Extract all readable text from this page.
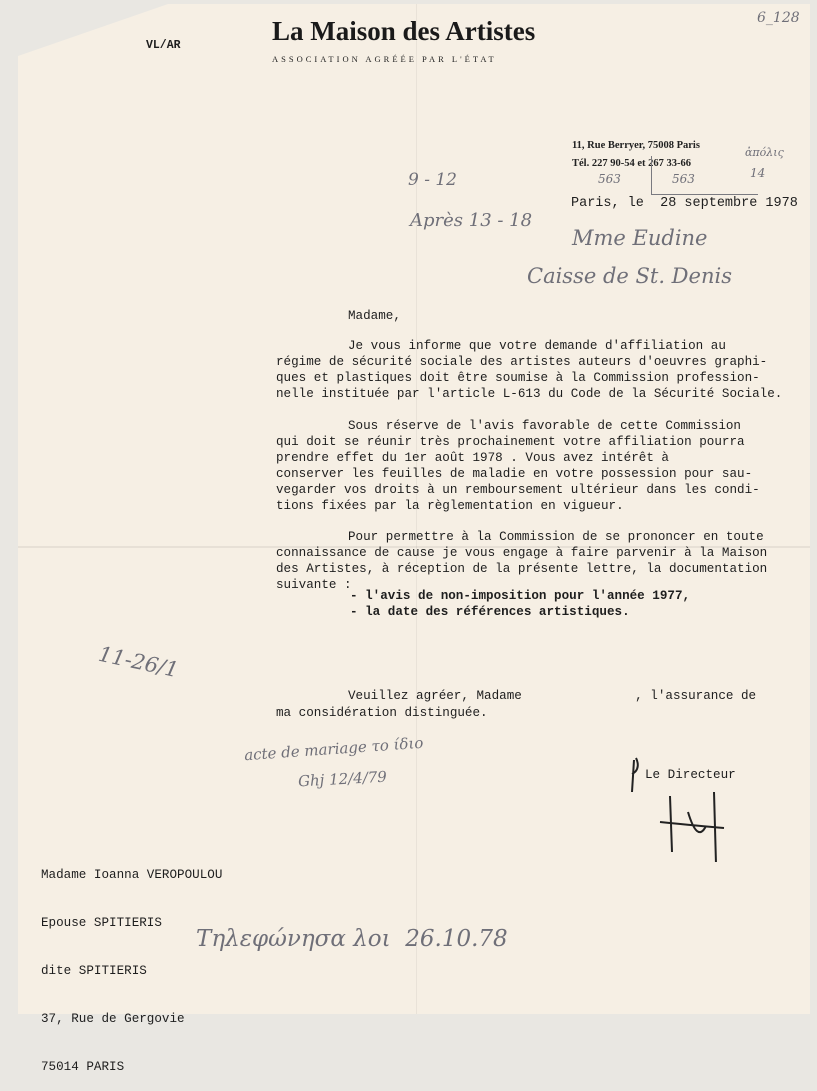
VL/AR	La Maison des Artistes
ASSOCIATION AGRÉÉE PAR L'ÉTAT
6_128
11, Rue Berryer, 75008 Paris
Tél. 227 90-54 et 267 33-66
563	563
ἀπόλις
14
Paris, le  28 septembre 1978
9 - 12
Après 13 - 18
Mme Eudine
Caisse de St. Denis
Madame,
Je vous informe que votre demande d'affiliation au
régime de sécurité sociale des artistes auteurs d'oeuvres graphi-
ques et plastiques doit être soumise à la Commission profession-
nelle instituée par l'article L-613 du Code de la Sécurité Sociale.
Sous réserve de l'avis favorable de cette Commission
qui doit se réunir très prochainement votre affiliation pourra
prendre effet du 1er août 1978 . Vous avez intérêt à
conserver les feuilles de maladie en votre possession pour sau-
vegarder vos droits à un remboursement ultérieur dans les condi-
tions fixées par la règlementation en vigueur.
Pour permettre à la Commission de se prononcer en toute
connaissance de cause je vous engage à faire parvenir à la Maison
des Artistes, à réception de la présente lettre, la documentation
suivante :
- l'avis de non-imposition pour l'année 1977,
- la date des références artistiques.
Veuillez agréer, Madame               , l'assurance de
ma considération distinguée.
11-26/1
acte de mariage το ίδιο
Ghj 12/4/79	Le Directeur

Madame Ioanna VEROPOULOU

Epouse SPITIERIS

dite SPITIERIS

37, Rue de Gergovie

75014 PARIS

Τηλεφώνησα λοι  26.10.78
